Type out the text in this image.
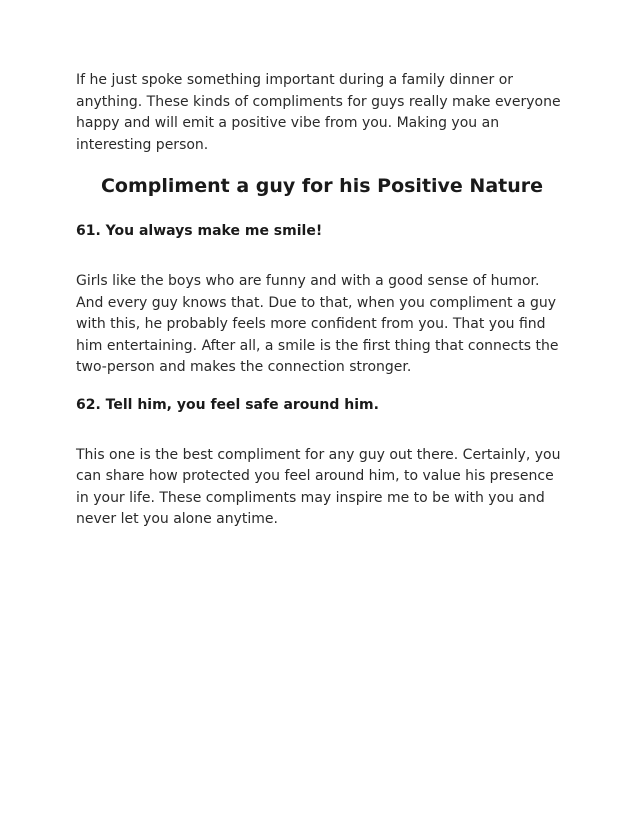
If he just spoke something important during a family dinner or anything. These kinds of compliments for guys really make everyone happy and will emit a positive vibe from you. Making you an interesting person.

Compliment a guy for his Positive Nature
61. You always make me smile!

Girls like the boys who are funny and with a good sense of humor. And every guy knows that. Due to that, when you compliment a guy with this, he probably feels more confident from you. That you find him entertaining. After all, a smile is the first thing that connects the two-person and makes the connection stronger.

62. Tell him, you feel safe around him.

This one is the best compliment for any guy out there. Certainly, you can share how protected you feel around him, to value his presence in your life. These compliments may inspire me to be with you and never let you alone anytime.
